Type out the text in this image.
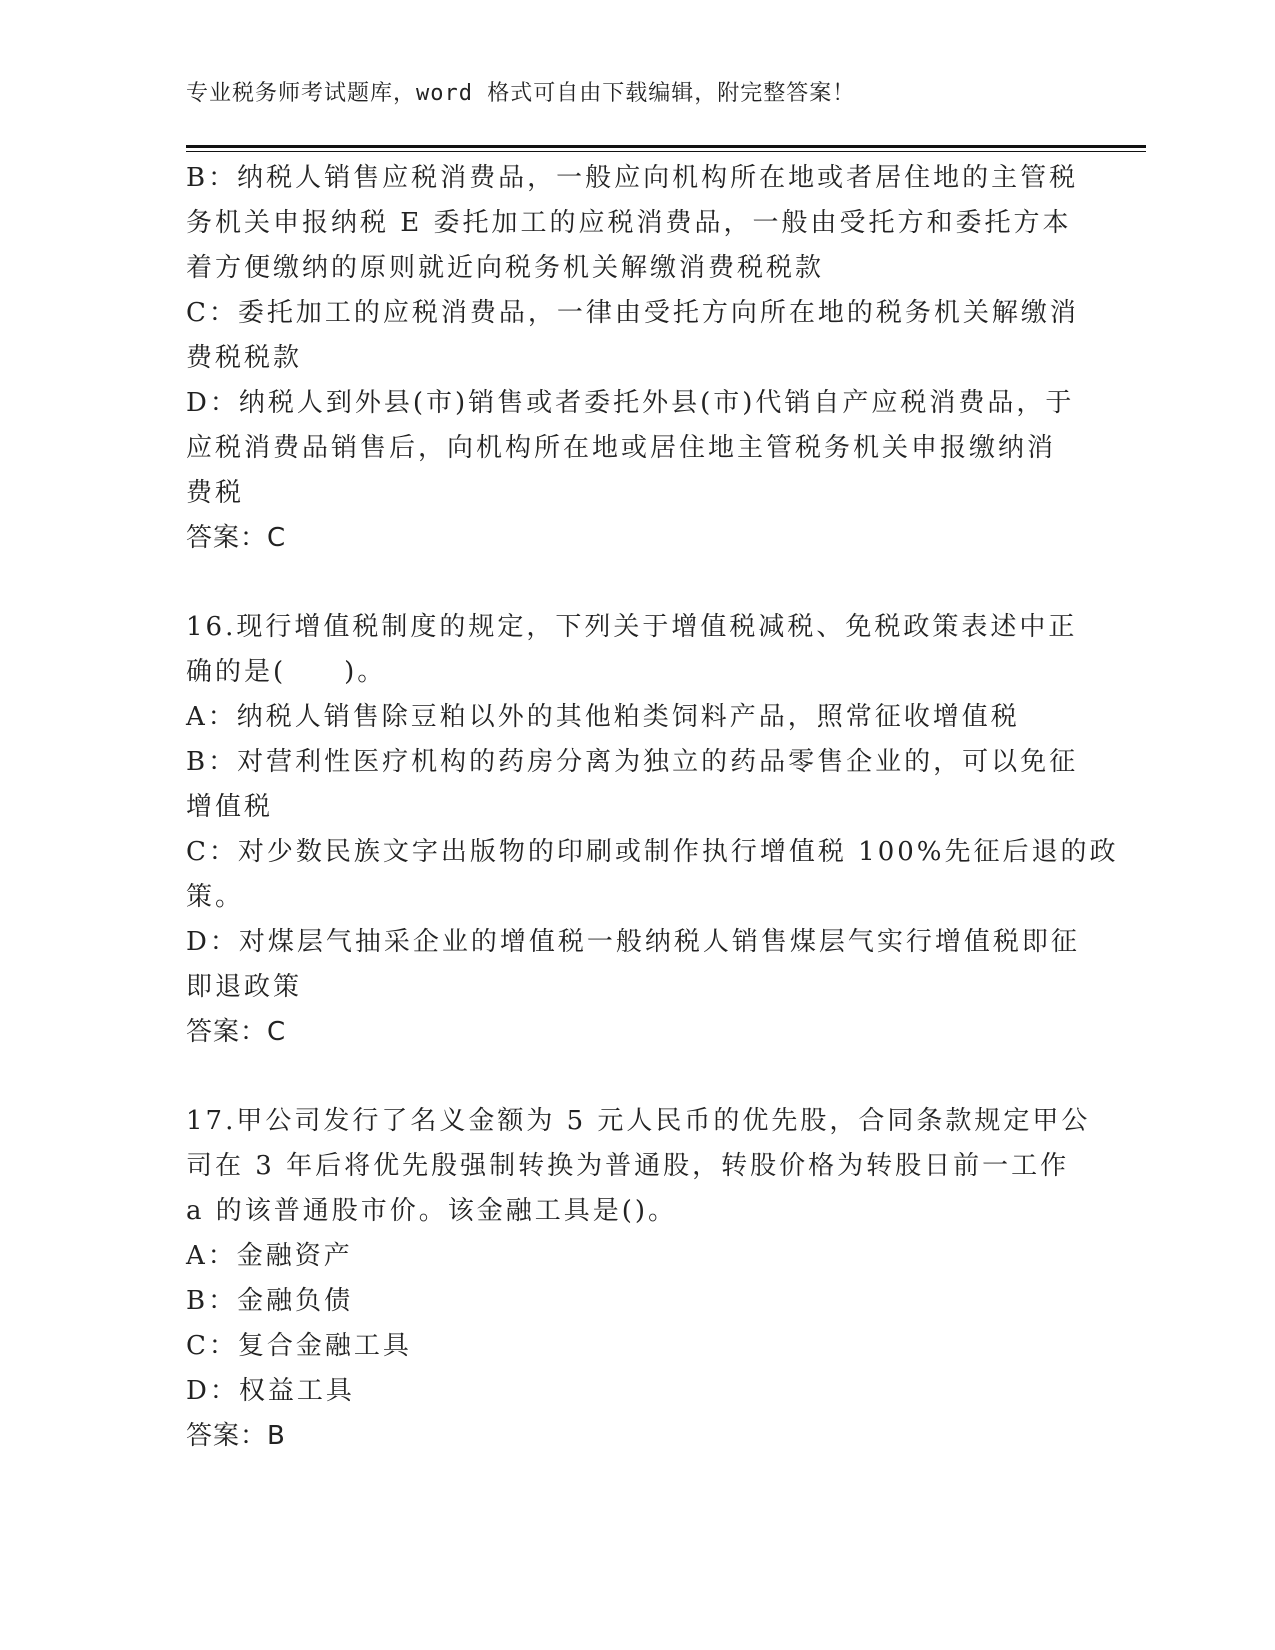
专业税务师考试题库，word 格式可自由下载编辑，附完整答案！
B：纳税人销售应税消费品，一般应向机构所在地或者居住地的主管税
务机关申报纳税 E 委托加工的应税消费品，一般由受托方和委托方本
着方便缴纳的原则就近向税务机关解缴消费税税款
C：委托加工的应税消费品，一律由受托方向所在地的税务机关解缴消
费税税款
D：纳税人到外县(市)销售或者委托外县(市)代销自产应税消费品，于
应税消费品销售后，向机构所在地或居住地主管税务机关申报缴纳消
费税
答案：C
16.现行增值税制度的规定，下列关于增值税减税、免税政策表述中正
确的是(　　)。
A：纳税人销售除豆粕以外的其他粕类饲料产品，照常征收增值税
B：对营利性医疗机构的药房分离为独立的药品零售企业的，可以免征
增值税
C：对少数民族文字出版物的印刷或制作执行增值税 100%先征后退的政
策。
D：对煤层气抽采企业的增值税一般纳税人销售煤层气实行增值税即征
即退政策
答案：C
17.甲公司发行了名义金额为 5 元人民币的优先股，合同条款规定甲公
司在 3 年后将优先殷强制转换为普通股，转股价格为转股日前一工作
a 的该普通股市价。该金融工具是()。
A：金融资产
B：金融负债
C：复合金融工具
D：权益工具
答案：B
